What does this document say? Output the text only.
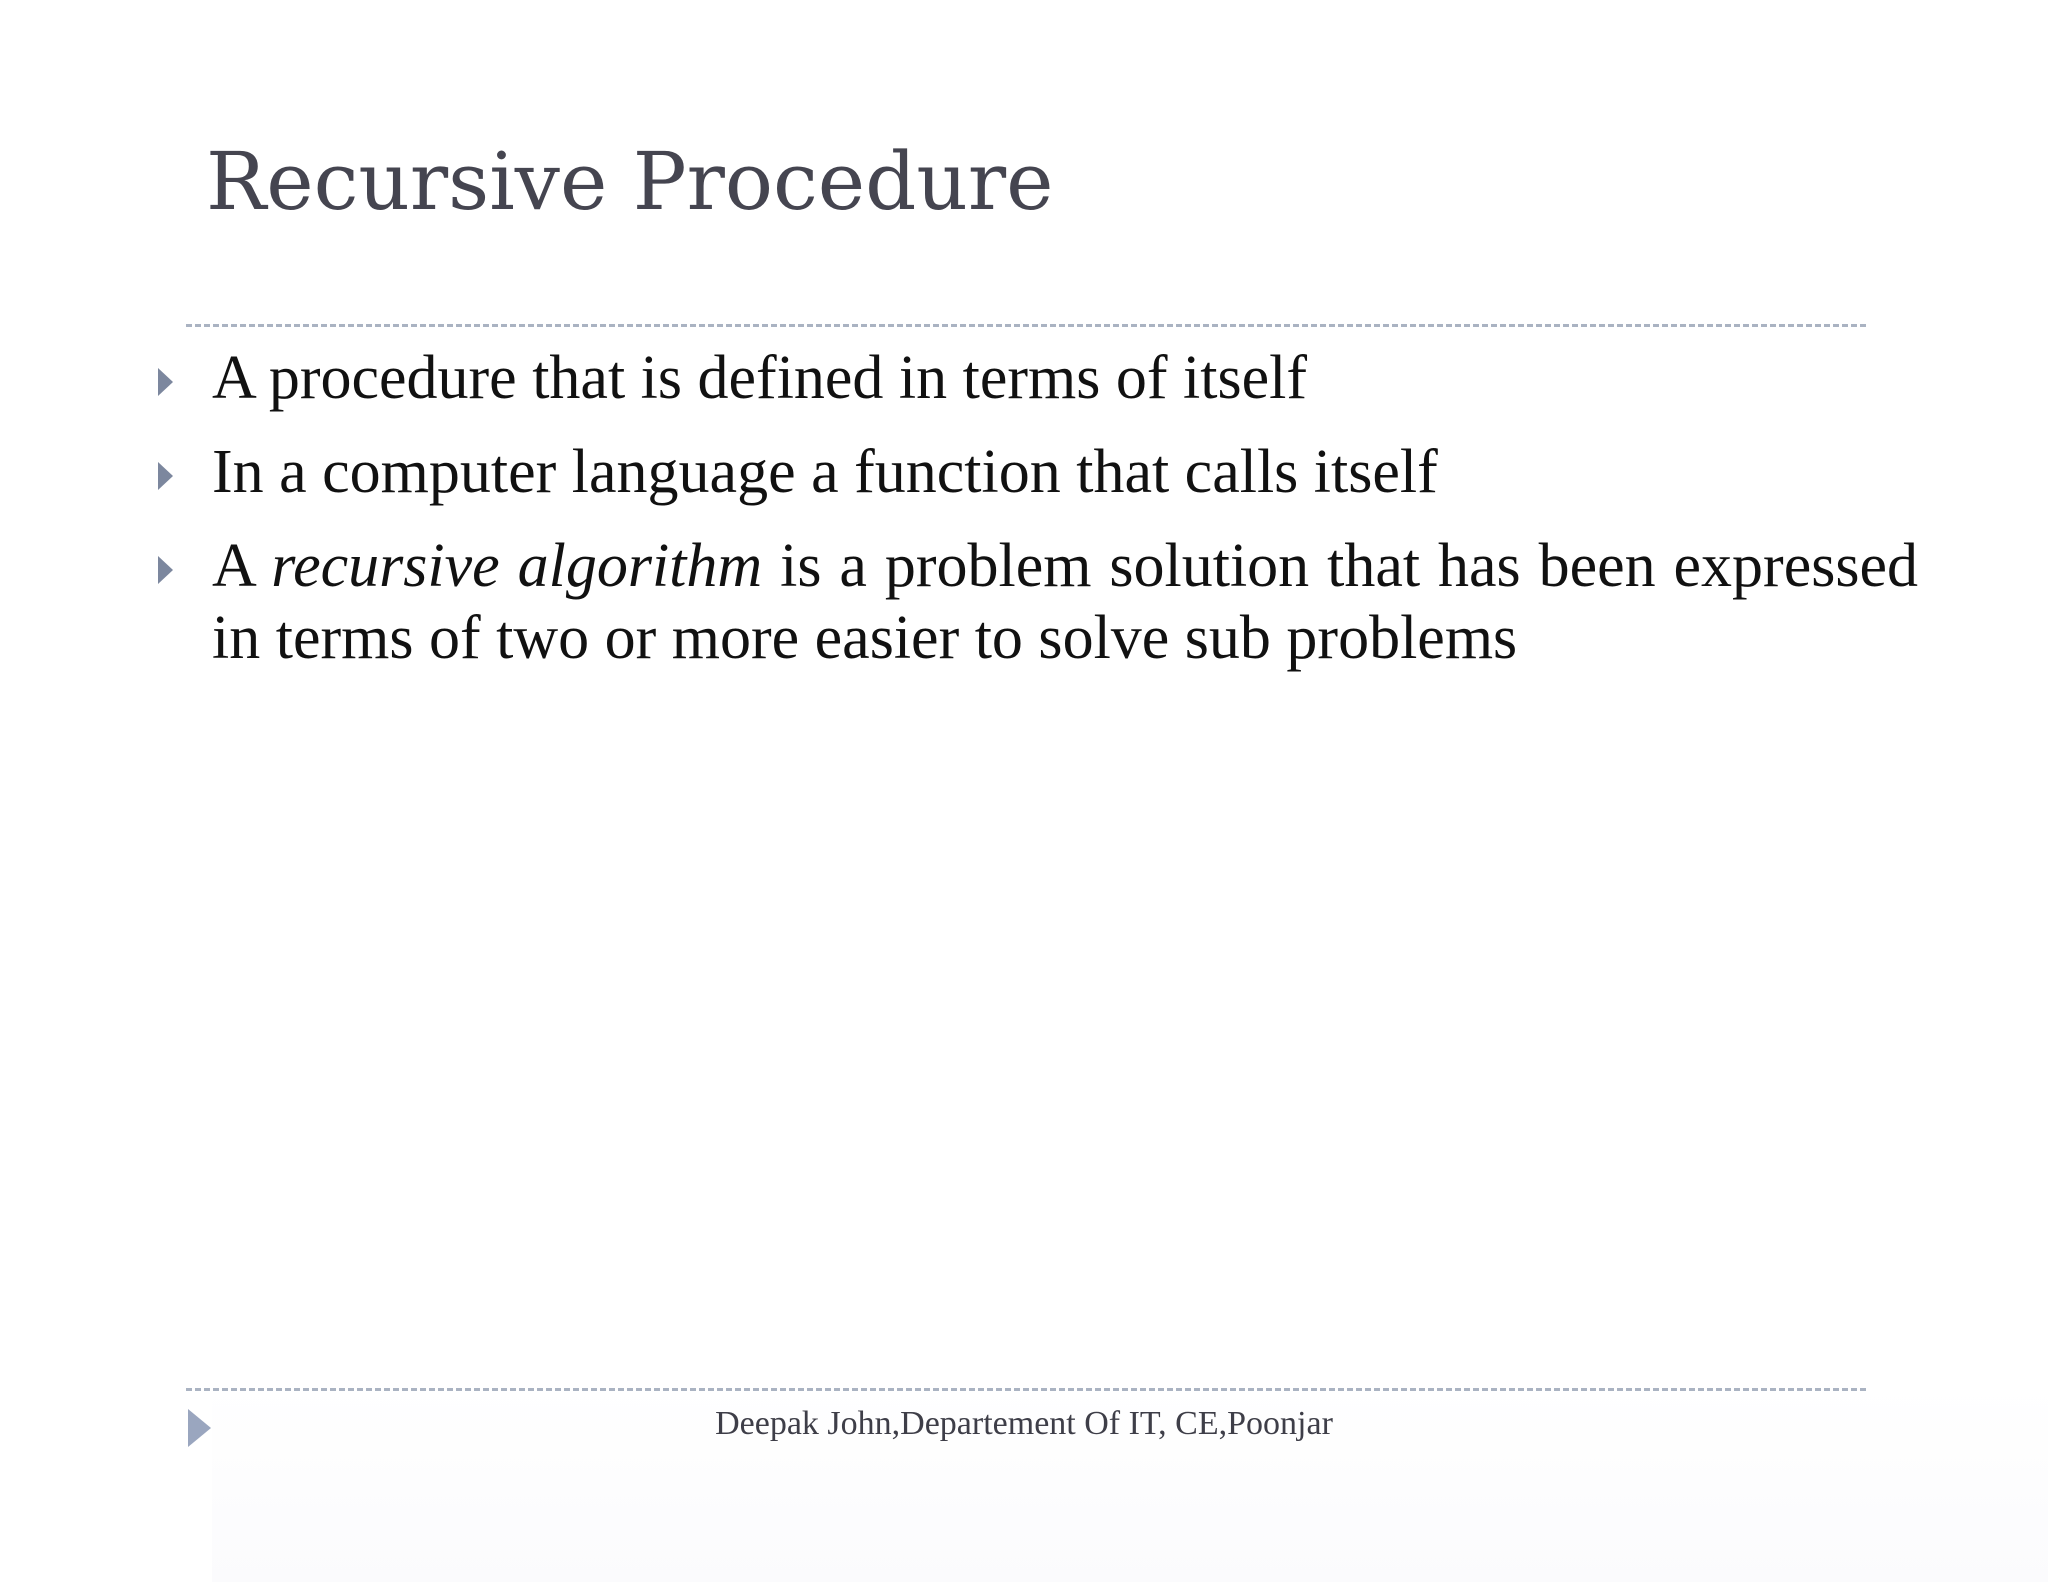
Recursive Procedure
A procedure that is defined in terms of itself
In a computer language a function that calls itself
A recursive algorithm is a problem solution that has been expressed in terms of two or more easier to solve sub problems
Deepak John,Departement Of IT, CE,Poonjar
